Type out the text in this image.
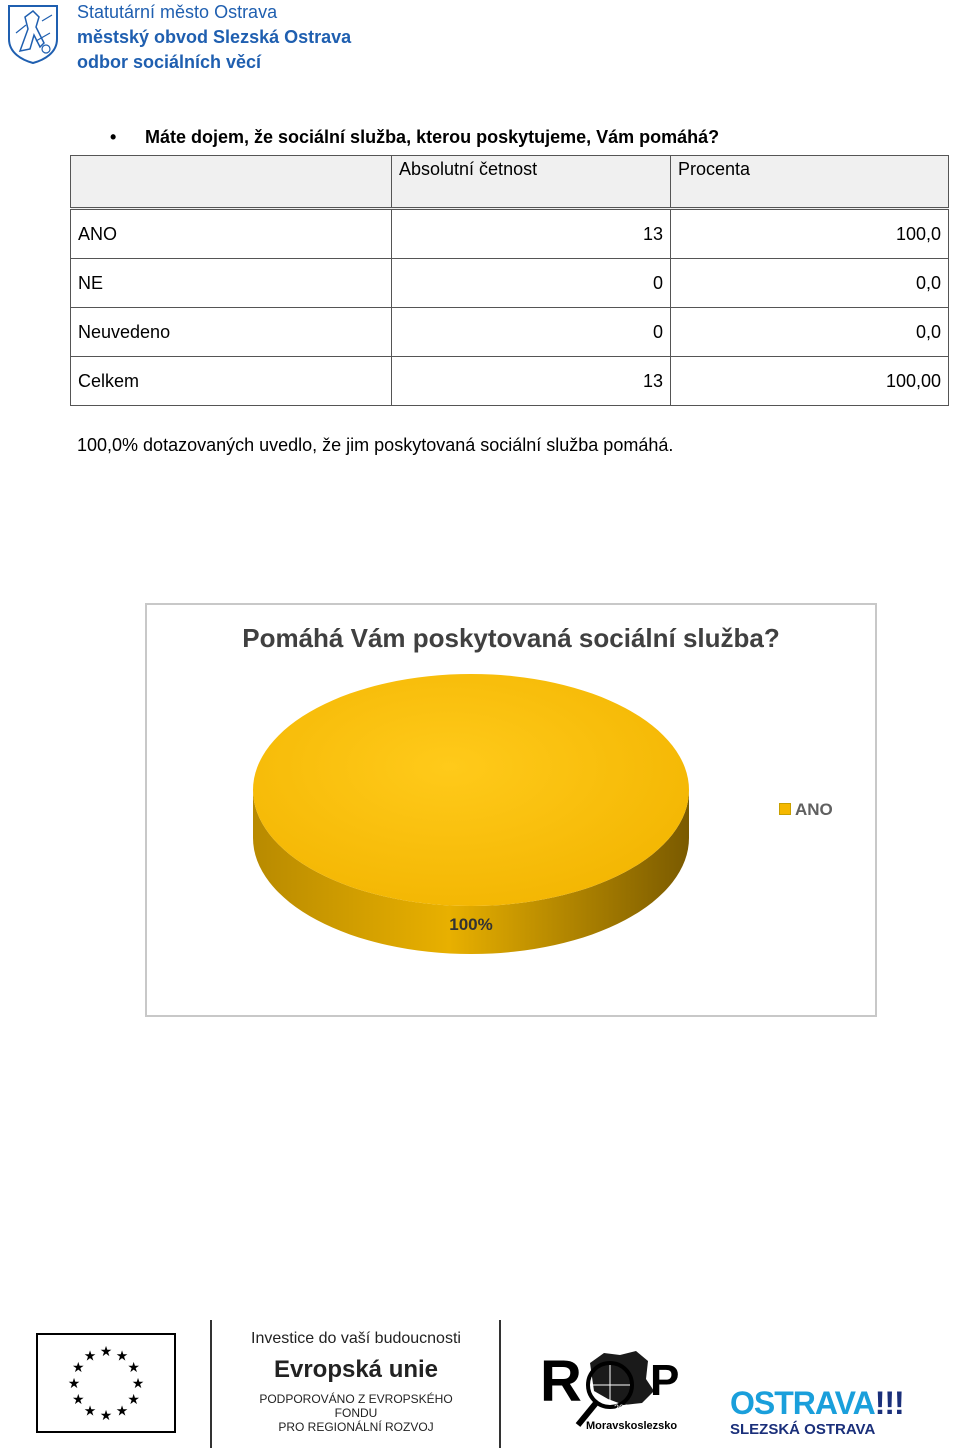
Statutární město Ostrava
městský obvod Slezská Ostrava
odbor sociálních věcí
• Máte dojem, že sociální služba, kterou poskytujeme, Vám pomáhá?
	Absolutní četnost	Procenta
ANO	13	100,0
NE	0	0,0
Neuvedeno	0	0,0
Celkem	13	100,00
100,0% dotazovaných uvedlo, že jim poskytovaná sociální služba pomáhá.
100%
Pomáhá Vám poskytovaná sociální služba?
ANO
★ ★
★
★
★
★
★
★
★
★
★
★
Investice do vaší budoucnosti
Evropská unie
PODPOROVÁNO Z EVROPSKÉHO FONDU
PRO REGIONÁLNÍ ROZVOJ
R P
2007-13
Moravskoslezsko
OSTRAVA!!!
SLEZSKÁ OSTRAVA
